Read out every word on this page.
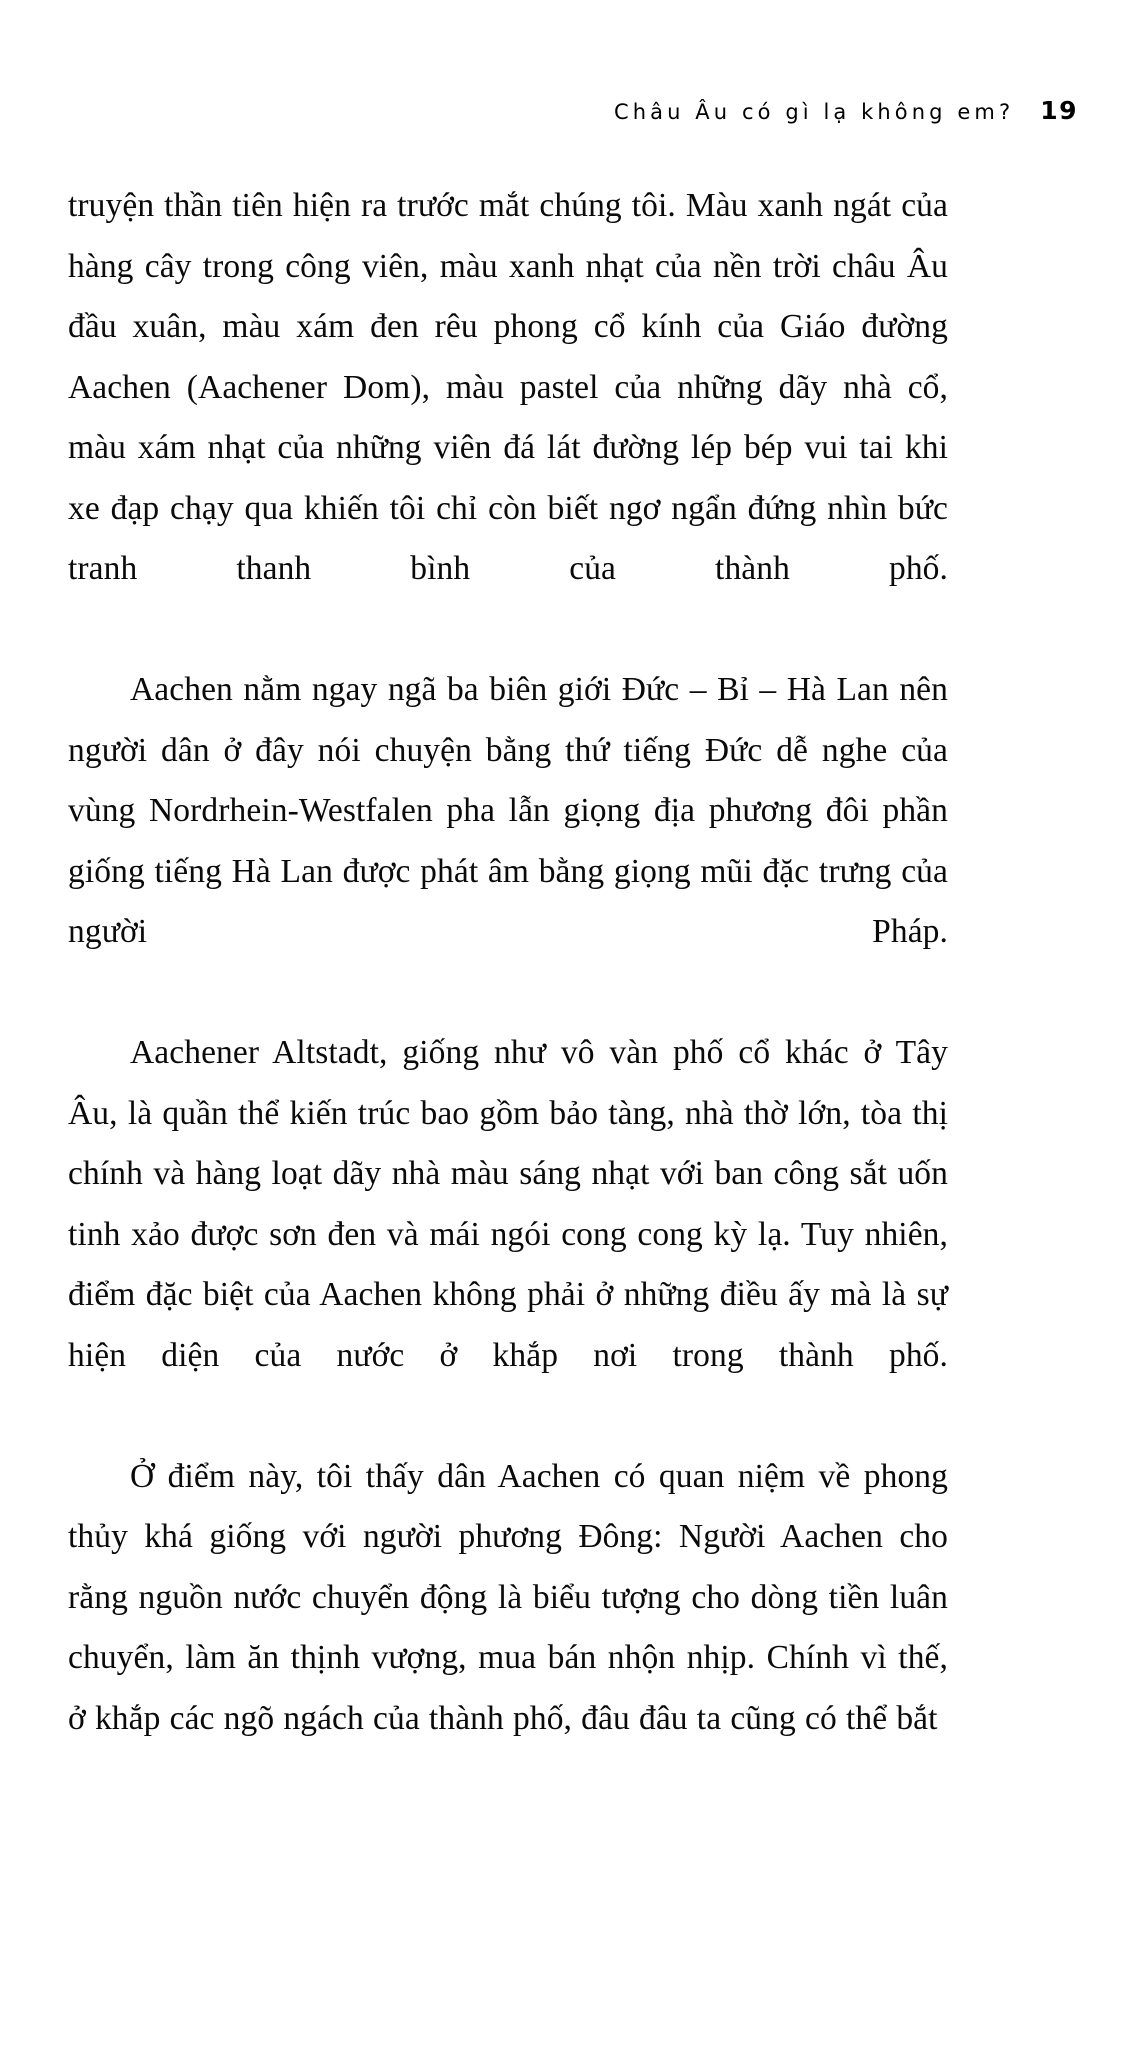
Châu Âu có gì lạ không em? 19

truyện thần tiên hiện ra trước mắt chúng tôi. Màu xanh ngát của hàng cây trong công viên, màu xanh nhạt của nền trời châu Âu đầu xuân, màu xám đen rêu phong cổ kính của Giáo đường Aachen (Aachener Dom), màu pastel của những dãy nhà cổ, màu xám nhạt của những viên đá lát đường lép bép vui tai khi xe đạp chạy qua khiến tôi chỉ còn biết ngơ ngẩn đứng nhìn bức tranh thanh bình của thành phố.

Aachen nằm ngay ngã ba biên giới Đức – Bỉ – Hà Lan nên người dân ở đây nói chuyện bằng thứ tiếng Đức dễ nghe của vùng Nordrhein-Westfalen pha lẫn giọng địa phương đôi phần giống tiếng Hà Lan được phát âm bằng giọng mũi đặc trưng của người Pháp.

Aachener Altstadt, giống như vô vàn phố cổ khác ở Tây Âu, là quần thể kiến trúc bao gồm bảo tàng, nhà thờ lớn, tòa thị chính và hàng loạt dãy nhà màu sáng nhạt với ban công sắt uốn tinh xảo được sơn đen và mái ngói cong cong kỳ lạ. Tuy nhiên, điểm đặc biệt của Aachen không phải ở những điều ấy mà là sự hiện diện của nước ở khắp nơi trong thành phố.

Ở điểm này, tôi thấy dân Aachen có quan niệm về phong thủy khá giống với người phương Đông: Người Aachen cho rằng nguồn nước chuyển động là biểu tượng cho dòng tiền luân chuyển, làm ăn thịnh vượng, mua bán nhộn nhịp. Chính vì thế, ở khắp các ngõ ngách của thành phố, đâu đâu ta cũng có thể bắt
